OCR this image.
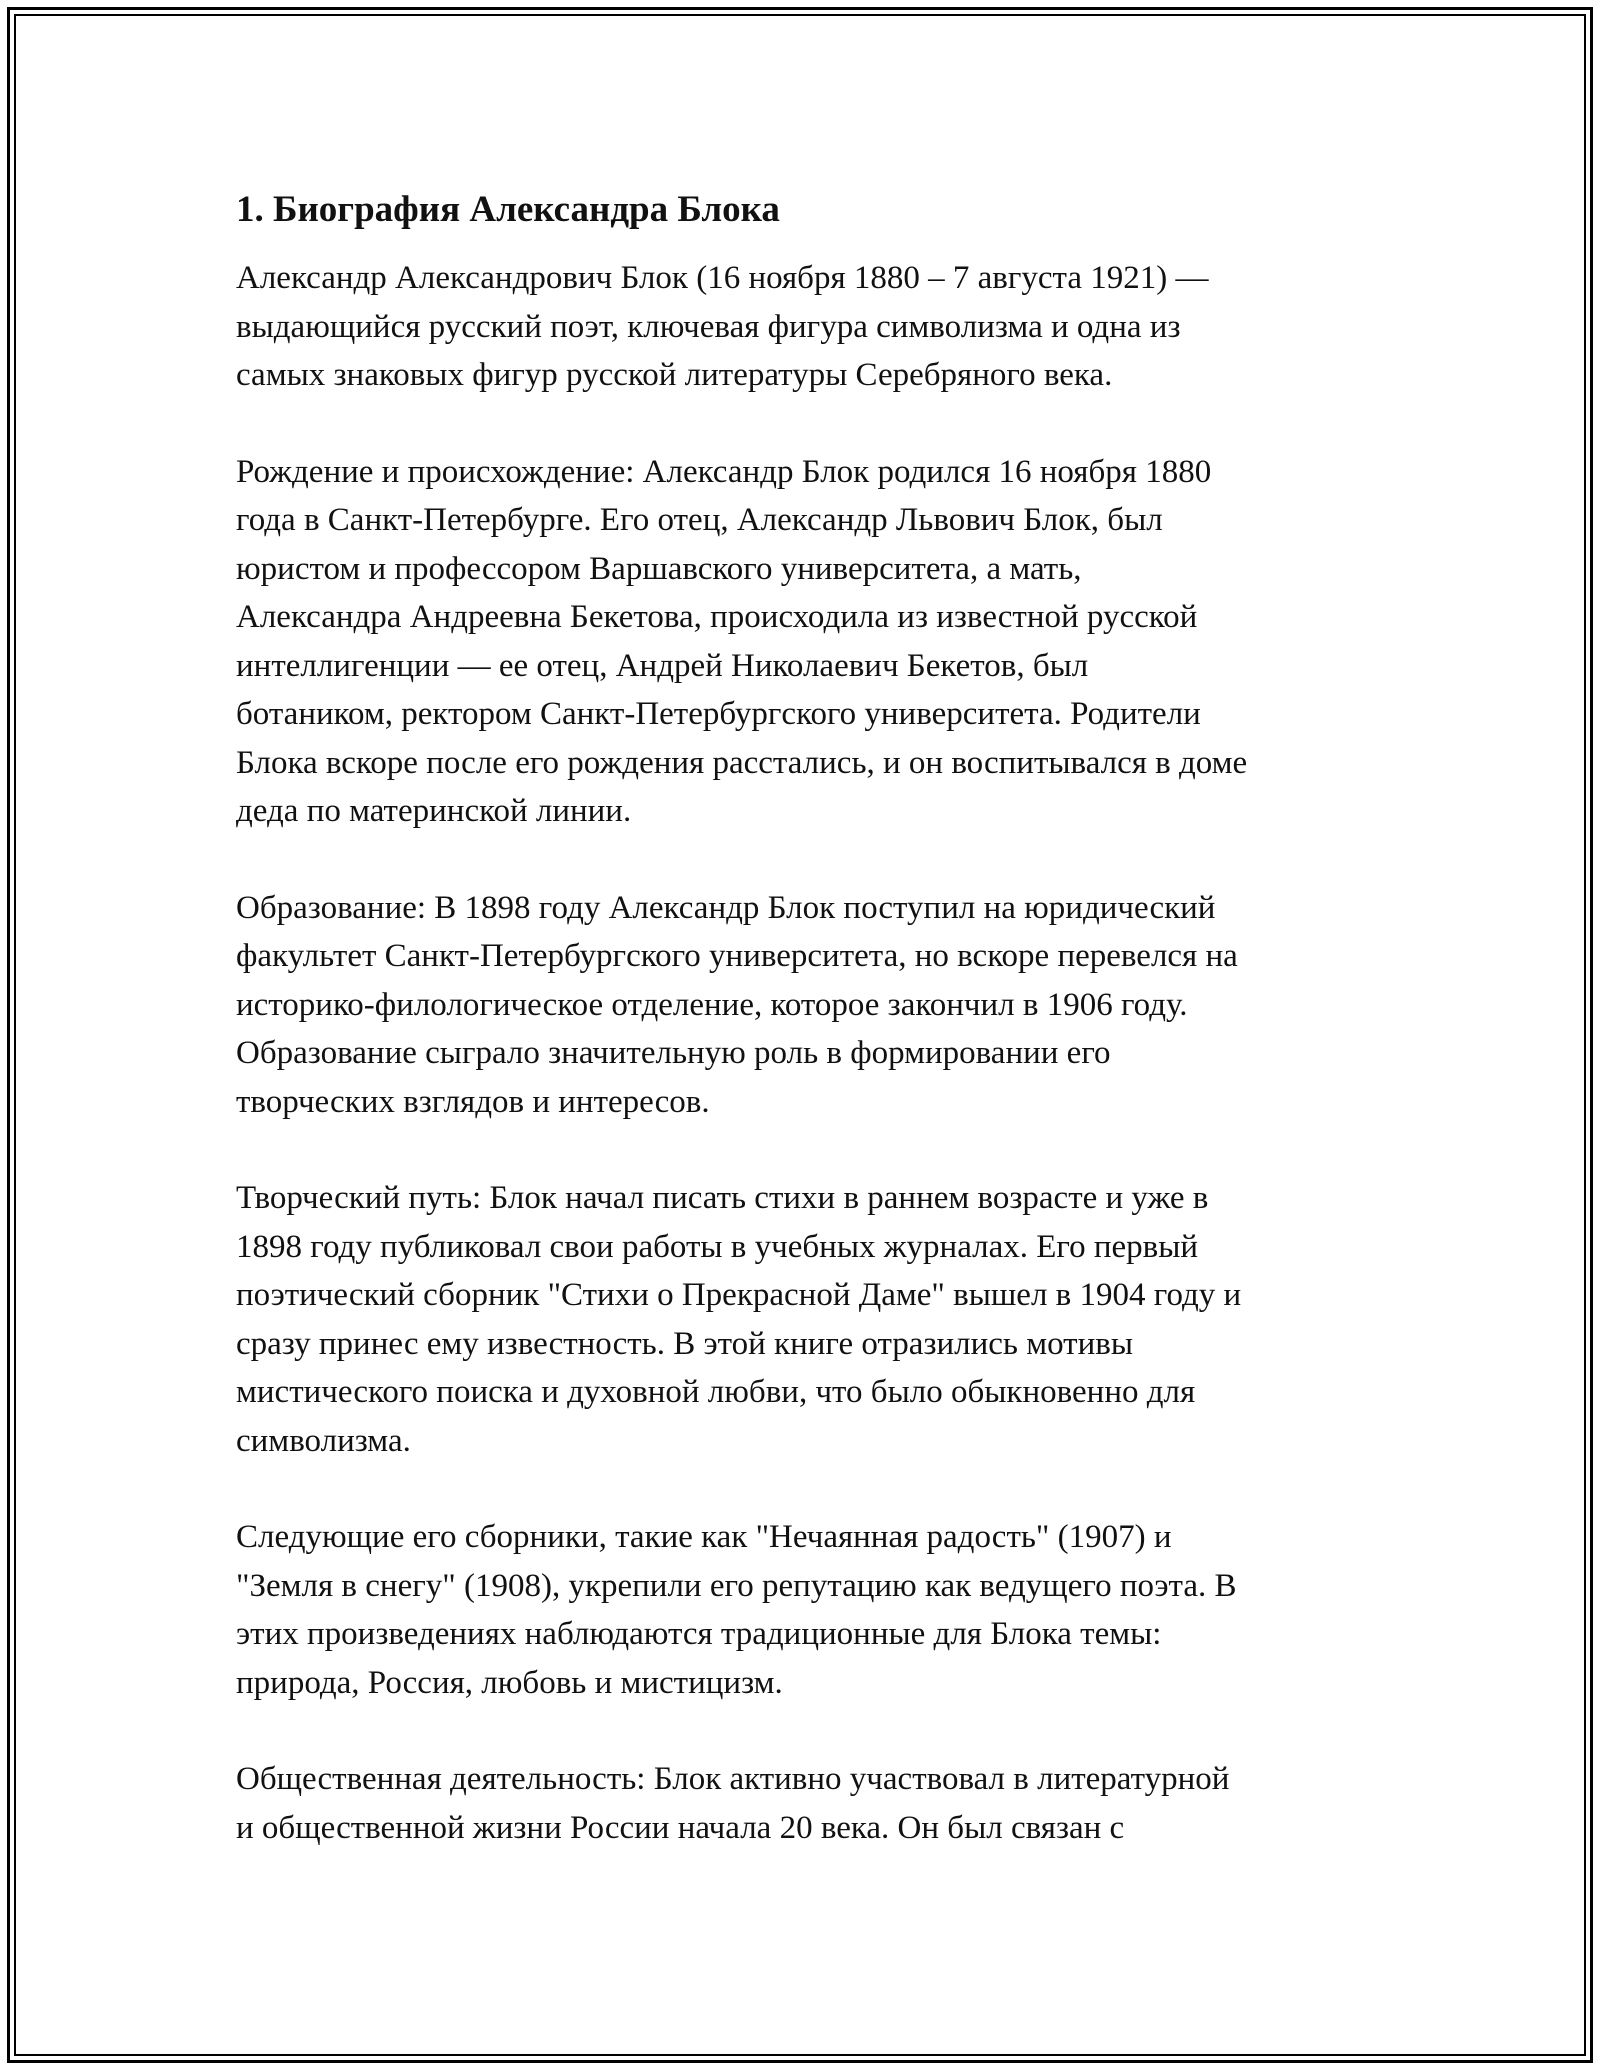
1. Биография Александра Блока

Александр Александрович Блок (16 ноября 1880 – 7 августа 1921) —
выдающийся русский поэт, ключевая фигура символизма и одна из
самых знаковых фигур русской литературы Серебряного века.

Рождение и происхождение: Александр Блок родился 16 ноября 1880
года в Санкт-Петербурге. Его отец, Александр Львович Блок, был
юристом и профессором Варшавского университета, а мать,
Александра Андреевна Бекетова, происходила из известной русской
интеллигенции — ее отец, Андрей Николаевич Бекетов, был
ботаником, ректором Санкт-Петербургского университета. Родители
Блока вскоре после его рождения расстались, и он воспитывался в доме
деда по материнской линии.

Образование: В 1898 году Александр Блок поступил на юридический
факультет Санкт-Петербургского университета, но вскоре перевелся на
историко-филологическое отделение, которое закончил в 1906 году.
Образование сыграло значительную роль в формировании его
творческих взглядов и интересов.

Творческий путь: Блок начал писать стихи в раннем возрасте и уже в
1898 году публиковал свои работы в учебных журналах. Его первый
поэтический сборник "Стихи о Прекрасной Даме" вышел в 1904 году и
сразу принес ему известность. В этой книге отразились мотивы
мистического поиска и духовной любви, что было обыкновенно для
символизма.

Следующие его сборники, такие как "Нечаянная радость" (1907) и
"Земля в снегу" (1908), укрепили его репутацию как ведущего поэта. В
этих произведениях наблюдаются традиционные для Блока темы:
природа, Россия, любовь и мистицизм.

Общественная деятельность: Блок активно участвовал в литературной
и общественной жизни России начала 20 века. Он был связан с
